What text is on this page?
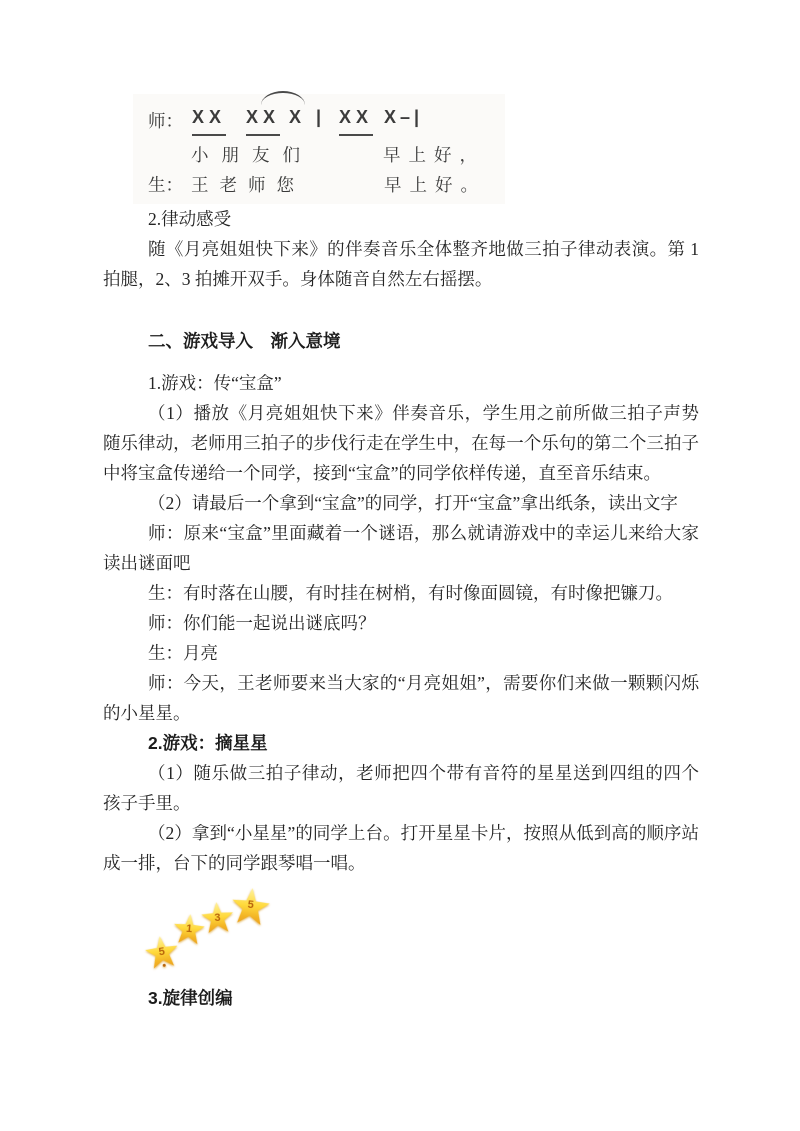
师： XX XX X | XX X–|
小朋友们	早上好，
生： 王老师您	早上好。

2.律动感受

随《月亮姐姐快下来》的伴奏音乐全体整齐地做三拍子律动表演。第 1 拍腿，2、3 拍摊开双手。身体随音自然左右摇摆。

二、游戏导入　渐入意境

1.游戏：传“宝盒”

（1）播放《月亮姐姐快下来》伴奏音乐，学生用之前所做三拍子声势随乐律动，老师用三拍子的步伐行走在学生中，在每一个乐句的第二个三拍子中将宝盒传递给一个同学，接到“宝盒”的同学依样传递，直至音乐结束。

（2）请最后一个拿到“宝盒”的同学，打开“宝盒”拿出纸条，读出文字

师：原来“宝盒”里面藏着一个谜语，那么就请游戏中的幸运儿来给大家读出谜面吧

生：有时落在山腰，有时挂在树梢，有时像面圆镜，有时像把镰刀。

师：你们能一起说出谜底吗？

生：月亮

师：今天，王老师要来当大家的“月亮姐姐”，需要你们来做一颗颗闪烁的小星星。

2.游戏：摘星星

（1）随乐做三拍子律动，老师把四个带有音符的星星送到四组的四个孩子手里。

（2）拿到“小星星”的同学上台。打开星星卡片，按照从低到高的顺序站成一排，台下的同学跟琴唱一唱。

5
1
3
5

3.旋律创编
